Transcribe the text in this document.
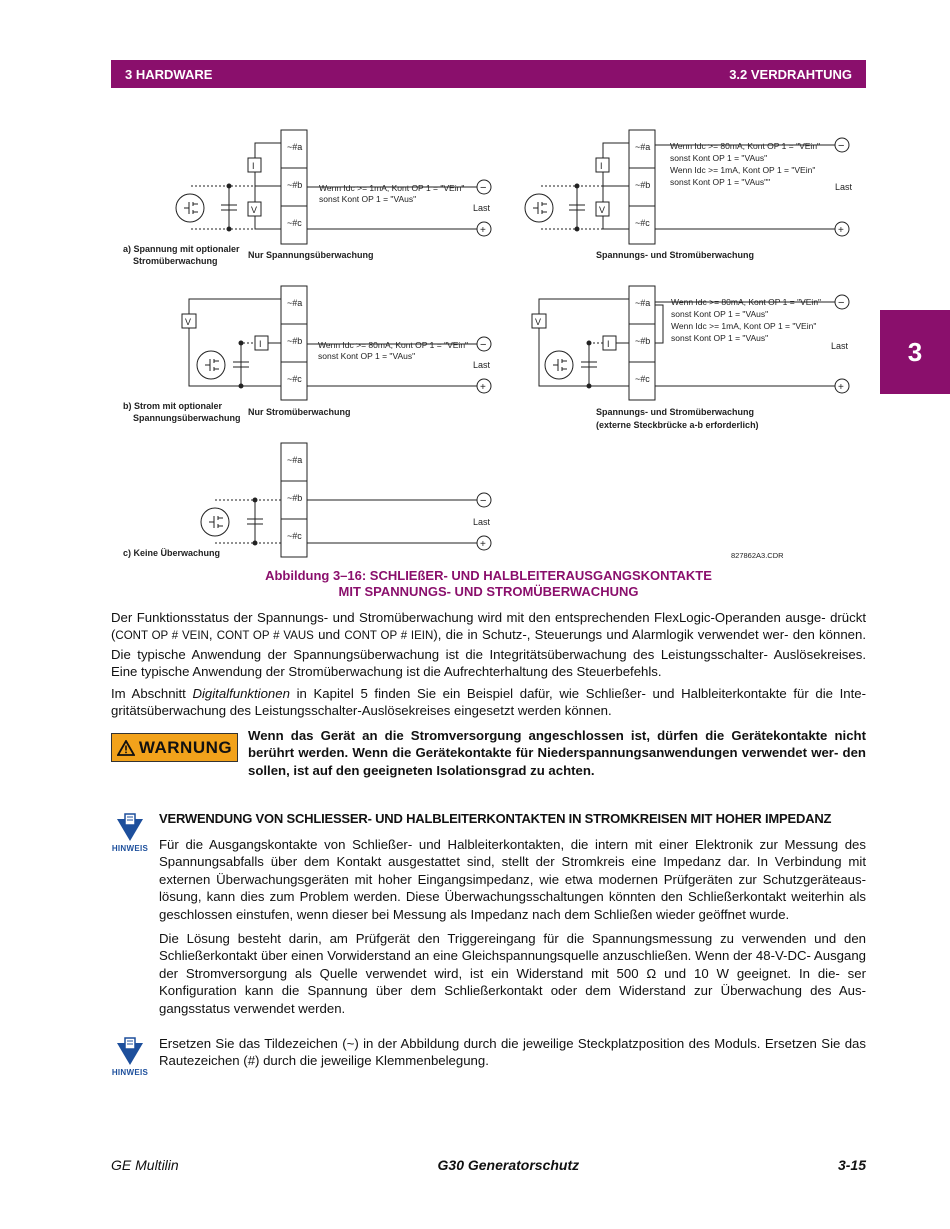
3 HARDWARE	3.2 VERDRAHTUNG
3
~#a
~#b
~#c
I
V
−
+
Last
Wenn Idc >= 1mA, Kont OP 1 = "VEin"
sonst Kont OP 1 = "VAus"
a) Spannung mit optionaler
Stromüberwachung
Nur Spannungsüberwachung
~#a
~#b
~#c
I
V
−
+
Last
Wenn Idc >= 80mA, Kont OP 1 = "VEin"
sonst Kont OP 1 = "VAus"
Wenn Idc >= 1mA, Kont OP 1 = "VEin"
sonst Kont OP 1 = "VAus""
Spannungs- und Stromüberwachung
~#a
~#b
~#c
V
I	−
+
Last
Wenn Idc >= 80mA, Kont OP 1 = "VEin"
sonst Kont OP 1 = "VAus"
b) Strom mit optionaler
Spannungsüberwachung
Nur Stromüberwachung
~#a
~#b
~#c
V
I
−
+
Last
Wenn Idc >= 80mA, Kont OP 1 = "VEin"
sonst Kont OP 1 = "VAus"
Wenn Idc >= 1mA, Kont OP 1 = "VEin"
sonst Kont OP 1 = "VAus"
Spannungs- und Stromüberwachung
(externe Steckbrücke a-b erforderlich)
~#a
~#b
~#c
−
+
Last
c) Keine Überwachung	827862A3.CDR
Abbildung 3–16: SCHLIEßER- UND HALBLEITERAUSGANGSKONTAKTE
MIT SPANNUNGS- UND STROMÜBERWACHUNG

Der Funktionsstatus der Spannungs- und Stromüberwachung wird mit den entsprechenden FlexLogic-Operanden ausge- drückt (CONT OP # VEIN, CONT OP # VAUS und CONT OP # IEIN), die in Schutz-, Steuerungs und Alarmlogik verwendet wer- den können. Die typische Anwendung der Spannungsüberwachung ist die Integritätsüberwachung des Leistungsschalter- Auslösekreises. Eine typische Anwendung der Stromüberwachung ist die Aufrechterhaltung des Steuerbefehls.

Im Abschnitt Digitalfunktionen in Kapitel 5 finden Sie ein Beispiel dafür, wie Schließer- und Halbleiterkontakte für die Inte- gritätsüberwachung des Leistungsschalter-Auslösekreises eingesetzt werden können.

WARNUNG
Wenn das Gerät an die Stromversorgung angeschlossen ist, dürfen die Gerätekontakte nicht berührt werden. Wenn die Gerätekontakte für Niederspannungsanwendungen verwendet wer- den sollen, ist auf den geeigneten Isolationsgrad zu achten.
HINWEIS
VERWENDUNG VON SCHLIESSER- UND HALBLEITERKONTAKTEN IN STROMKREISEN MIT HOHER IMPEDANZ

Für die Ausgangskontakte von Schließer- und Halbleiterkontakten, die intern mit einer Elektronik zur Messung des Spannungsabfalls über dem Kontakt ausgestattet sind, stellt der Stromkreis eine Impedanz dar. In Verbindung mit externen Überwachungsgeräten mit hoher Eingangsimpedanz, wie etwa modernen Prüfgeräten zur Schutzgeräteaus- lösung, kann dies zum Problem werden. Diese Überwachungsschaltungen könnten den Schließerkontakt weiterhin als geschlossen einstufen, wenn dieser bei Messung als Impedanz nach dem Schließen wieder geöffnet wurde.

Die Lösung besteht darin, am Prüfgerät den Triggereingang für die Spannungsmessung zu verwenden und den Schließerkontakt über einen Vorwiderstand an eine Gleichspannungsquelle anzuschließen. Wenn der 48-V-DC- Ausgang der Stromversorgung als Quelle verwendet wird, ist ein Widerstand mit 500 Ω und 10 W geeignet. In die- ser Konfiguration kann die Spannung über dem Schließerkontakt oder dem Widerstand zur Überwachung des Aus- gangsstatus verwendet werden.

HINWEIS

Ersetzen Sie das Tildezeichen (~) in der Abbildung durch die jeweilige Steckplatzposition des Moduls. Ersetzen Sie das Rautezeichen (#) durch die jeweilige Klemmenbelegung.

GE Multilin	G30 Generatorschutz	3-15
